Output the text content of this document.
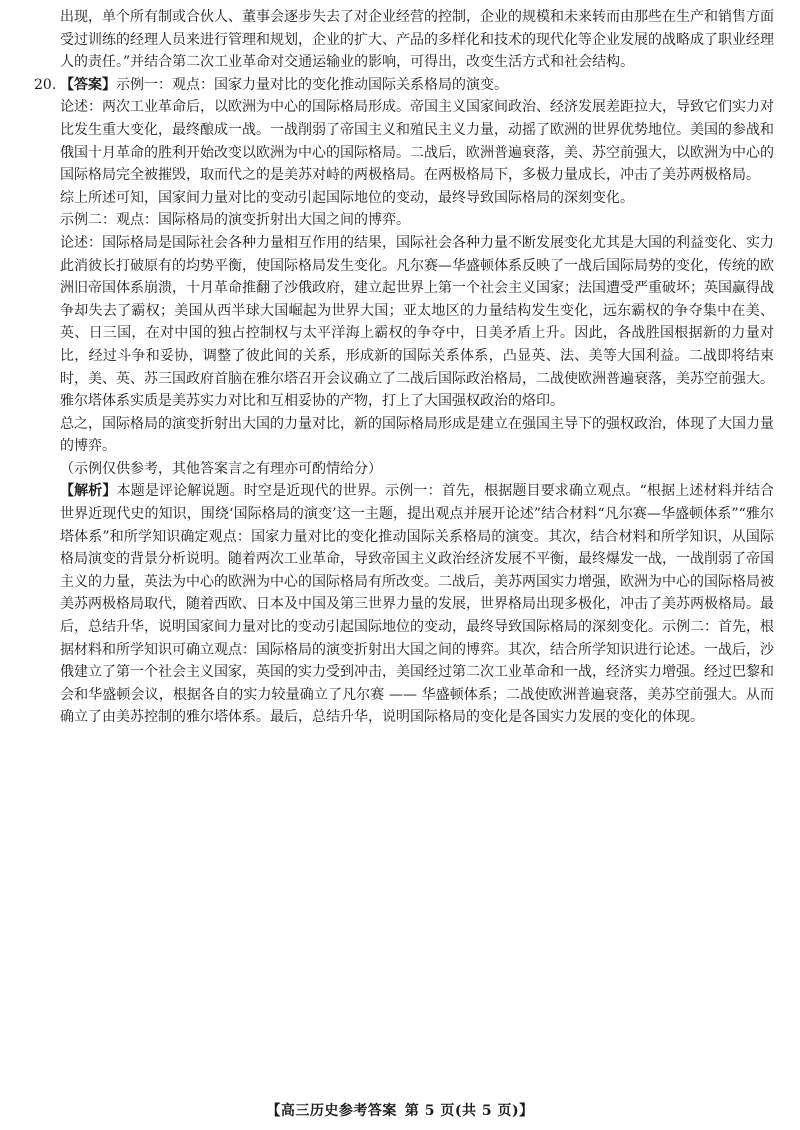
出现，单个所有制或合伙人、董事会逐步失去了对企业经营的控制，企业的规模和未来转而由那些在生产和销售方面受过训练的经理人员来进行管理和规划，企业的扩大、产品的多样化和技术的现代化等企业发展的战略成了职业经理人的责任。”并结合第二次工业革命对交通运输业的影响，可得出，改变生活方式和社会结构。

20. 【答案】示例一：观点：国家力量对比的变化推动国际关系格局的演变。

论述：两次工业革命后，以欧洲为中心的国际格局形成。帝国主义国家间政治、经济发展差距拉大，导致它们实力对比发生重大变化，最终酿成一战。一战削弱了帝国主义和殖民主义力量，动摇了欧洲的世界优势地位。美国的参战和俄国十月革命的胜利开始改变以欧洲为中心的国际格局。二战后，欧洲普遍衰落，美、苏空前强大，以欧洲为中心的国际格局完全被摧毁，取而代之的是美苏对峙的两极格局。在两极格局下，多极力量成长，冲击了美苏两极格局。

综上所述可知，国家间力量对比的变动引起国际地位的变动，最终导致国际格局的深刻变化。

示例二：观点：国际格局的演变折射出大国之间的博弈。

论述：国际格局是国际社会各种力量相互作用的结果，国际社会各种力量不断发展变化尤其是大国的利益变化、实力此消彼长打破原有的均势平衡，使国际格局发生变化。凡尔赛—华盛顿体系反映了一战后国际局势的变化，传统的欧洲旧帝国体系崩溃，十月革命推翻了沙俄政府，建立起世界上第一个社会主义国家；法国遭受严重破坏；英国赢得战争却失去了霸权；美国从西半球大国崛起为世界大国；亚太地区的力量结构发生变化，远东霸权的争夺集中在美、英、日三国，在对中国的独占控制权与太平洋海上霸权的争夺中，日美矛盾上升。因此，各战胜国根据新的力量对比，经过斗争和妥协，调整了彼此间的关系，形成新的国际关系体系，凸显英、法、美等大国利益。二战即将结束时，美、英、苏三国政府首脑在雅尔塔召开会议确立了二战后国际政治格局，二战使欧洲普遍衰落，美苏空前强大。雅尔塔体系实质是美苏实力对比和互相妥协的产物，打上了大国强权政治的烙印。

总之，国际格局的演变折射出大国的力量对比，新的国际格局形成是建立在强国主导下的强权政治，体现了大国力量的博弈。

（示例仅供参考，其他答案言之有理亦可酌情给分）

【解析】本题是评论解说题。时空是近现代的世界。示例一：首先，根据题目要求确立观点。“根据上述材料并结合世界近现代史的知识，围绕‘国际格局的演变’这一主题，提出观点并展开论述”结合材料“凡尔赛—华盛顿体系”“雅尔塔体系”和所学知识确定观点：国家力量对比的变化推动国际关系格局的演变。其次，结合材料和所学知识，从国际格局演变的背景分析说明。随着两次工业革命，导致帝国主义政治经济发展不平衡，最终爆发一战，一战削弱了帝国主义的力量，英法为中心的欧洲为中心的国际格局有所改变。二战后，美苏两国实力增强，欧洲为中心的国际格局被美苏两极格局取代，随着西欧、日本及中国及第三世界力量的发展，世界格局出现多极化，冲击了美苏两极格局。最后，总结升华，说明国家间力量对比的变动引起国际地位的变动，最终导致国际格局的深刻变化。示例二：首先，根据材料和所学知识可确立观点：国际格局的演变折射出大国之间的博弈。其次，结合所学知识进行论述。一战后，沙俄建立了第一个社会主义国家，英国的实力受到冲击，美国经过第二次工业革命和一战，经济实力增强。经过巴黎和会和华盛顿会议，根据各自的实力较量确立了凡尔赛 —— 华盛顿体系；二战使欧洲普遍衰落，美苏空前强大。从而确立了由美苏控制的雅尔塔体系。最后，总结升华，说明国际格局的变化是各国实力发展的变化的体现。

【高三历史参考答案 第 5 页(共 5 页)】
